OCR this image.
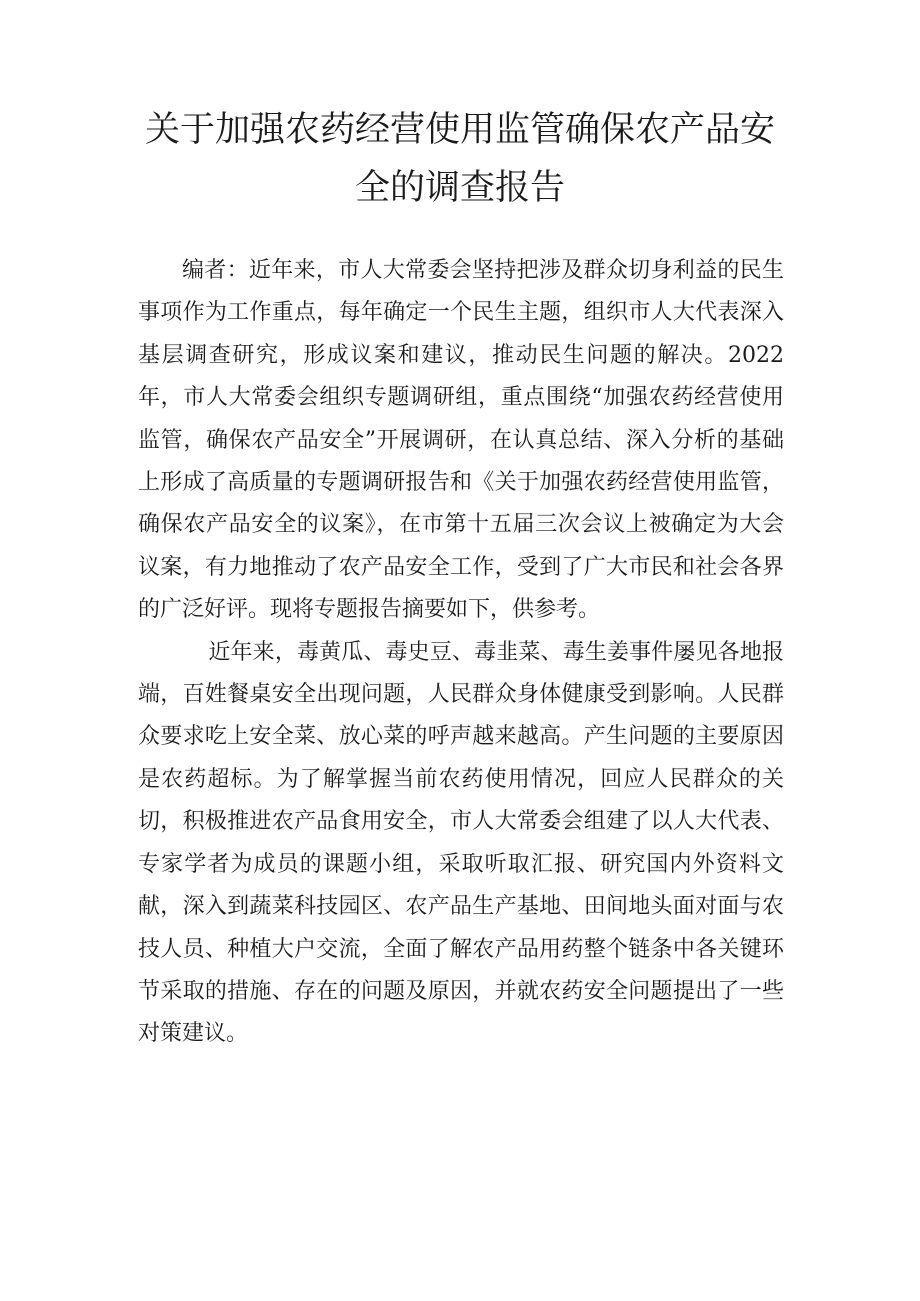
关于加强农药经营使用监管确保农产品安
全的调查报告

编者：近年来，市人大常委会坚持把涉及群众切身利益的民生事项作为工作重点，每年确定一个民生主题，组织市人大代表深入基层调查研究，形成议案和建议，推动民生问题的解决。2022年，市人大常委会组织专题调研组，重点围绕“加强农药经营使用监管，确保农产品安全”开展调研，在认真总结、深入分析的基础上形成了高质量的专题调研报告和《关于加强农药经营使用监管，确保农产品安全的议案》，在市第十五届三次会议上被确定为大会议案，有力地推动了农产品安全工作，受到了广大市民和社会各界的广泛好评。现将专题报告摘要如下，供参考。

近年来，毒黄瓜、毒史豆、毒韭菜、毒生姜事件屡见各地报端，百姓餐桌安全出现问题，人民群众身体健康受到影响。人民群众要求吃上安全菜、放心菜的呼声越来越高。产生问题的主要原因是农药超标。为了解掌握当前农药使用情况，回应人民群众的关切，积极推进农产品食用安全，市人大常委会组建了以人大代表、专家学者为成员的课题小组，采取听取汇报、研究国内外资料文献，深入到蔬菜科技园区、农产品生产基地、田间地头面对面与农技人员、种植大户交流，全面了解农产品用药整个链条中各关键环节采取的措施、存在的问题及原因，并就农药安全问题提出了一些对策建议。
